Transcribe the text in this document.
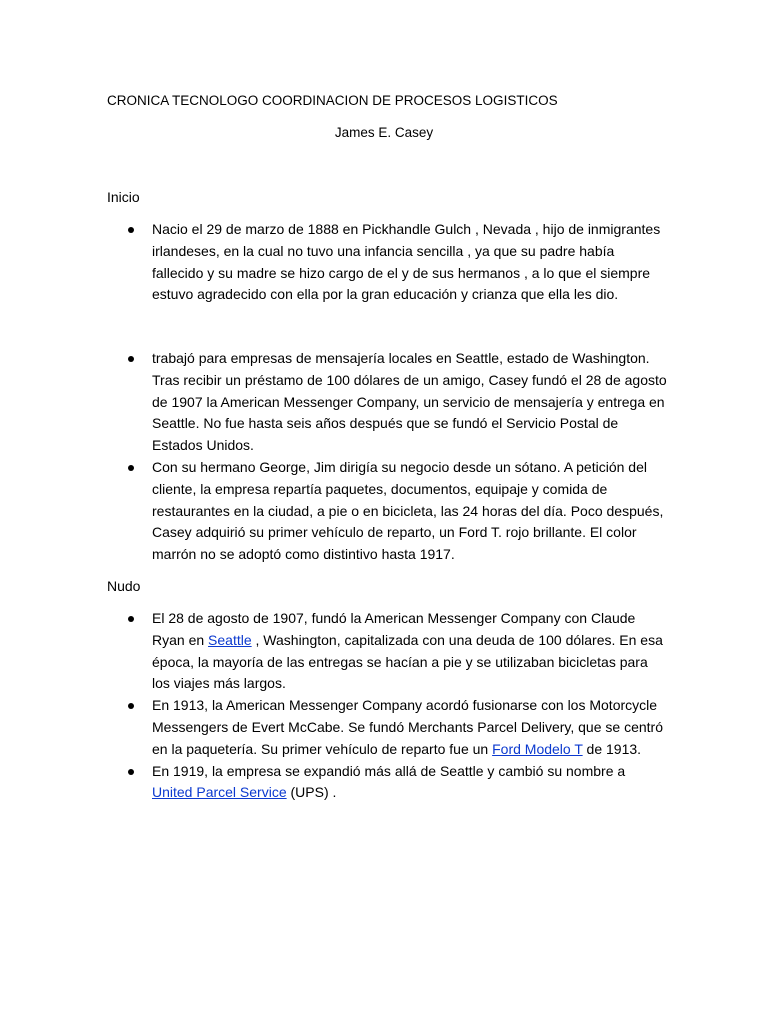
CRONICA TECNOLOGO COORDINACION DE PROCESOS LOGISTICOS
James E. Casey
Inicio
Nacio el 29 de marzo de 1888 en Pickhandle Gulch , Nevada , hijo de inmigrantes irlandeses, en la cual no tuvo una infancia sencilla , ya que su padre había fallecido y su madre se hizo cargo de el y de sus hermanos , a lo que el siempre estuvo agradecido con ella por la gran educación y crianza que ella les dio.
trabajó para empresas de mensajería locales en Seattle, estado de Washington. Tras recibir un préstamo de 100 dólares de un amigo, Casey fundó el 28 de agosto de 1907 la American Messenger Company, un servicio de mensajería y entrega en Seattle. No fue hasta seis años después que se fundó el Servicio Postal de Estados Unidos.
Con su hermano George, Jim dirigía su negocio desde un sótano. A petición del cliente, la empresa repartía paquetes, documentos, equipaje y comida de restaurantes en la ciudad, a pie o en bicicleta, las 24 horas del día. Poco después, Casey adquirió su primer vehículo de reparto, un Ford T. rojo brillante. El color marrón no se adoptó como distintivo hasta 1917.
Nudo
El 28 de agosto de 1907, fundó la American Messenger Company con Claude Ryan en Seattle , Washington, capitalizada con una deuda de 100 dólares. En esa época, la mayoría de las entregas se hacían a pie y se utilizaban bicicletas para los viajes más largos.
En 1913, la American Messenger Company acordó fusionarse con los Motorcycle Messengers de Evert McCabe. Se fundó Merchants Parcel Delivery, que se centró en la paquetería. Su primer vehículo de reparto fue un Ford Modelo T de 1913.
En 1919, la empresa se expandió más allá de Seattle y cambió su nombre a United Parcel Service (UPS) .
